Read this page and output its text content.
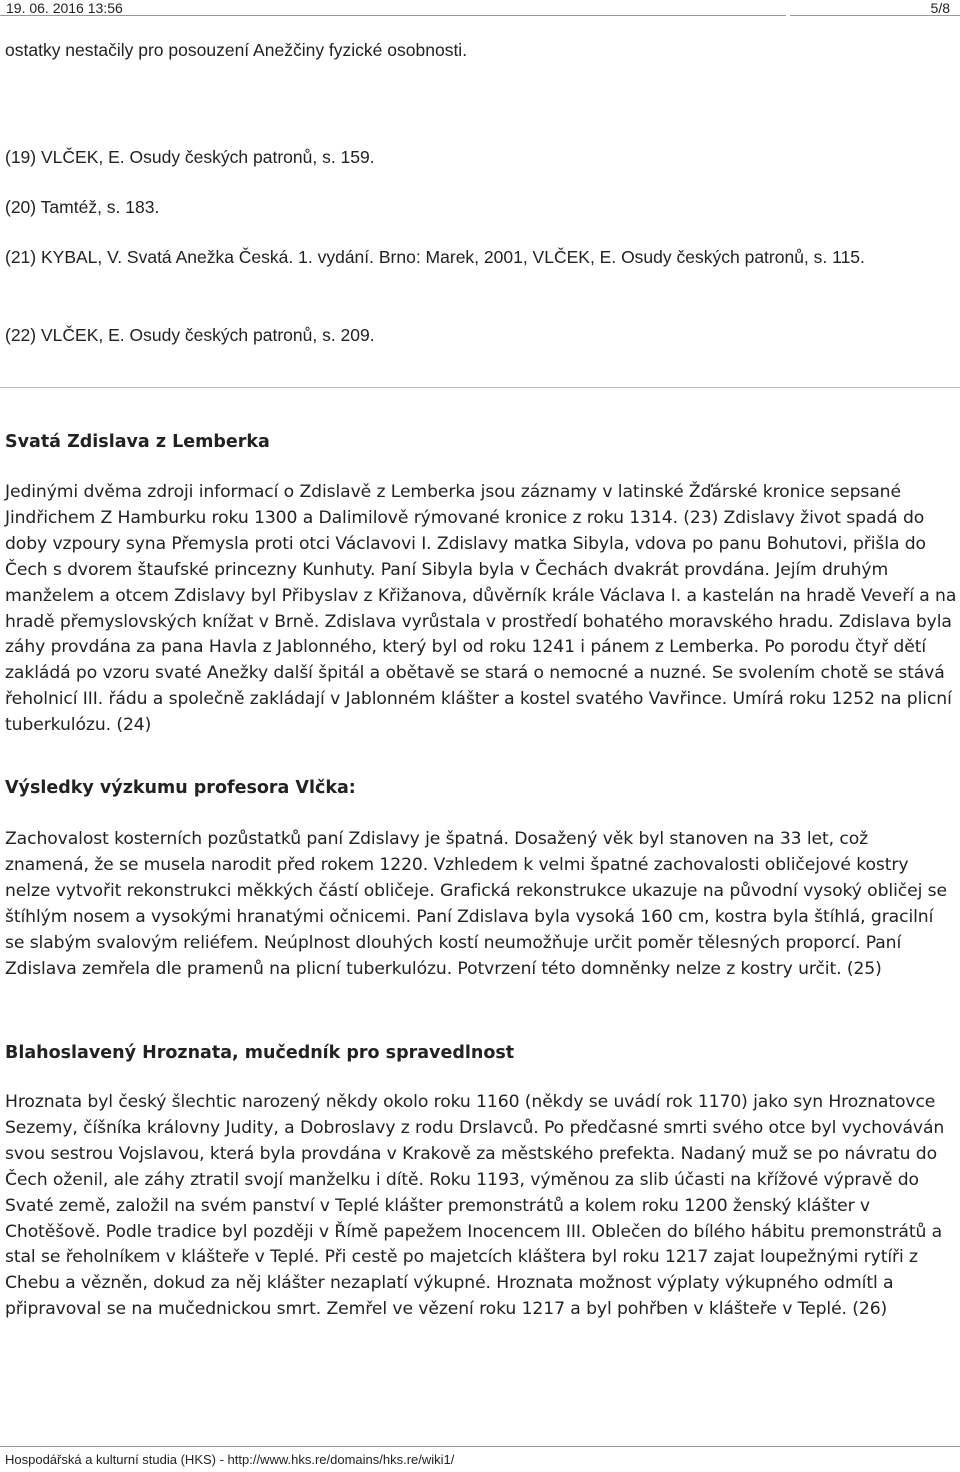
19. 06. 2016 13:56	5/8

ostatky nestačily pro posouzení Anežčiny fyzické osobnosti.

(19) VLČEK, E. Osudy českých patronů, s. 159.

(20) Tamtéž, s. 183.

(21) KYBAL, V. Svatá Anežka Česká. 1. vydání. Brno: Marek, 2001, VLČEK, E. Osudy českých patronů, s. 115.

(22) VLČEK, E. Osudy českých patronů, s. 209.

Svatá Zdislava z Lemberka

Jedinými dvěma zdroji informací o Zdislavě z Lemberka jsou záznamy v latinské Žďárské kronice sepsané Jindřichem Z Hamburku roku 1300 a Dalimilově rýmované kronice z roku 1314. (23) Zdislavy život spadá do doby vzpoury syna Přemysla proti otci Václavovi I. Zdislavy matka Sibyla, vdova po panu Bohutovi, přišla do Čech s dvorem štaufské princezny Kunhuty. Paní Sibyla byla v Čechách dvakrát provdána. Jejím druhým manželem a otcem Zdislavy byl Přibyslav z Křižanova, důvěrník krále Václava I. a kastelán na hradě Veveří a na hradě přemyslovských knížat v Brně. Zdislava vyrůstala v prostředí bohatého moravského hradu. Zdislava byla záhy provdána za pana Havla z Jablonného, který byl od roku 1241 i pánem z Lemberka. Po porodu čtyř dětí zakládá po vzoru svaté Anežky další špitál a obětavě se stará o nemocné a nuzné. Se svolením chotě se stává řeholnicí III. řádu a společně zakládají v Jablonném klášter a kostel svatého Vavřince. Umírá roku 1252 na plicní tuberkulózu. (24)

Výsledky výzkumu profesora Vlčka:

Zachovalost kosterních pozůstatků paní Zdislavy je špatná. Dosažený věk byl stanoven na 33 let, což znamená, že se musela narodit před rokem 1220. Vzhledem k velmi špatné zachovalosti obličejové kostry nelze vytvořit rekonstrukci měkkých částí obličeje. Grafická rekonstrukce ukazuje na původní vysoký obličej se štíhlým nosem a vysokými hranatými očnicemi. Paní Zdislava byla vysoká 160 cm, kostra byla štíhlá, gracilní se slabým svalovým reliéfem. Neúplnost dlouhých kostí neumožňuje určit poměr tělesných proporcí. Paní Zdislava zemřela dle pramenů na plicní tuberkulózu. Potvrzení této domněnky nelze z kostry určit. (25)

Blahoslavený Hroznata, mučedník pro spravedlnost

Hroznata byl český šlechtic narozený někdy okolo roku 1160 (někdy se uvádí rok 1170) jako syn Hroznatovce Sezemy, číšníka královny Judity, a Dobroslavy z rodu Drslavců. Po předčasné smrti svého otce byl vychováván svou sestrou Vojslavou, která byla provdána v Krakově za městského prefekta. Nadaný muž se po návratu do Čech oženil, ale záhy ztratil svojí manželku i dítě. Roku 1193, výměnou za slib účasti na křížové výpravě do Svaté země, založil na svém panství v Teplé klášter premonstrátů a kolem roku 1200 ženský klášter v Chotěšově. Podle tradice byl později v Římě papežem Inocencem III. Oblečen do bílého hábitu premonstrátů a stal se řeholníkem v klášteře v Teplé. Při cestě po majetcích kláštera byl roku 1217 zajat loupežnými rytíři z Chebu a vězněn, dokud za něj klášter nezaplatí výkupné. Hroznata možnost výplaty výkupného odmítl a připravoval se na mučednickou smrt. Zemřel ve vězení roku 1217 a byl pohřben v klášteře v Teplé. (26)

Hospodářská a kulturní studia (HKS) - http://www.hks.re/domains/hks.re/wiki1/
